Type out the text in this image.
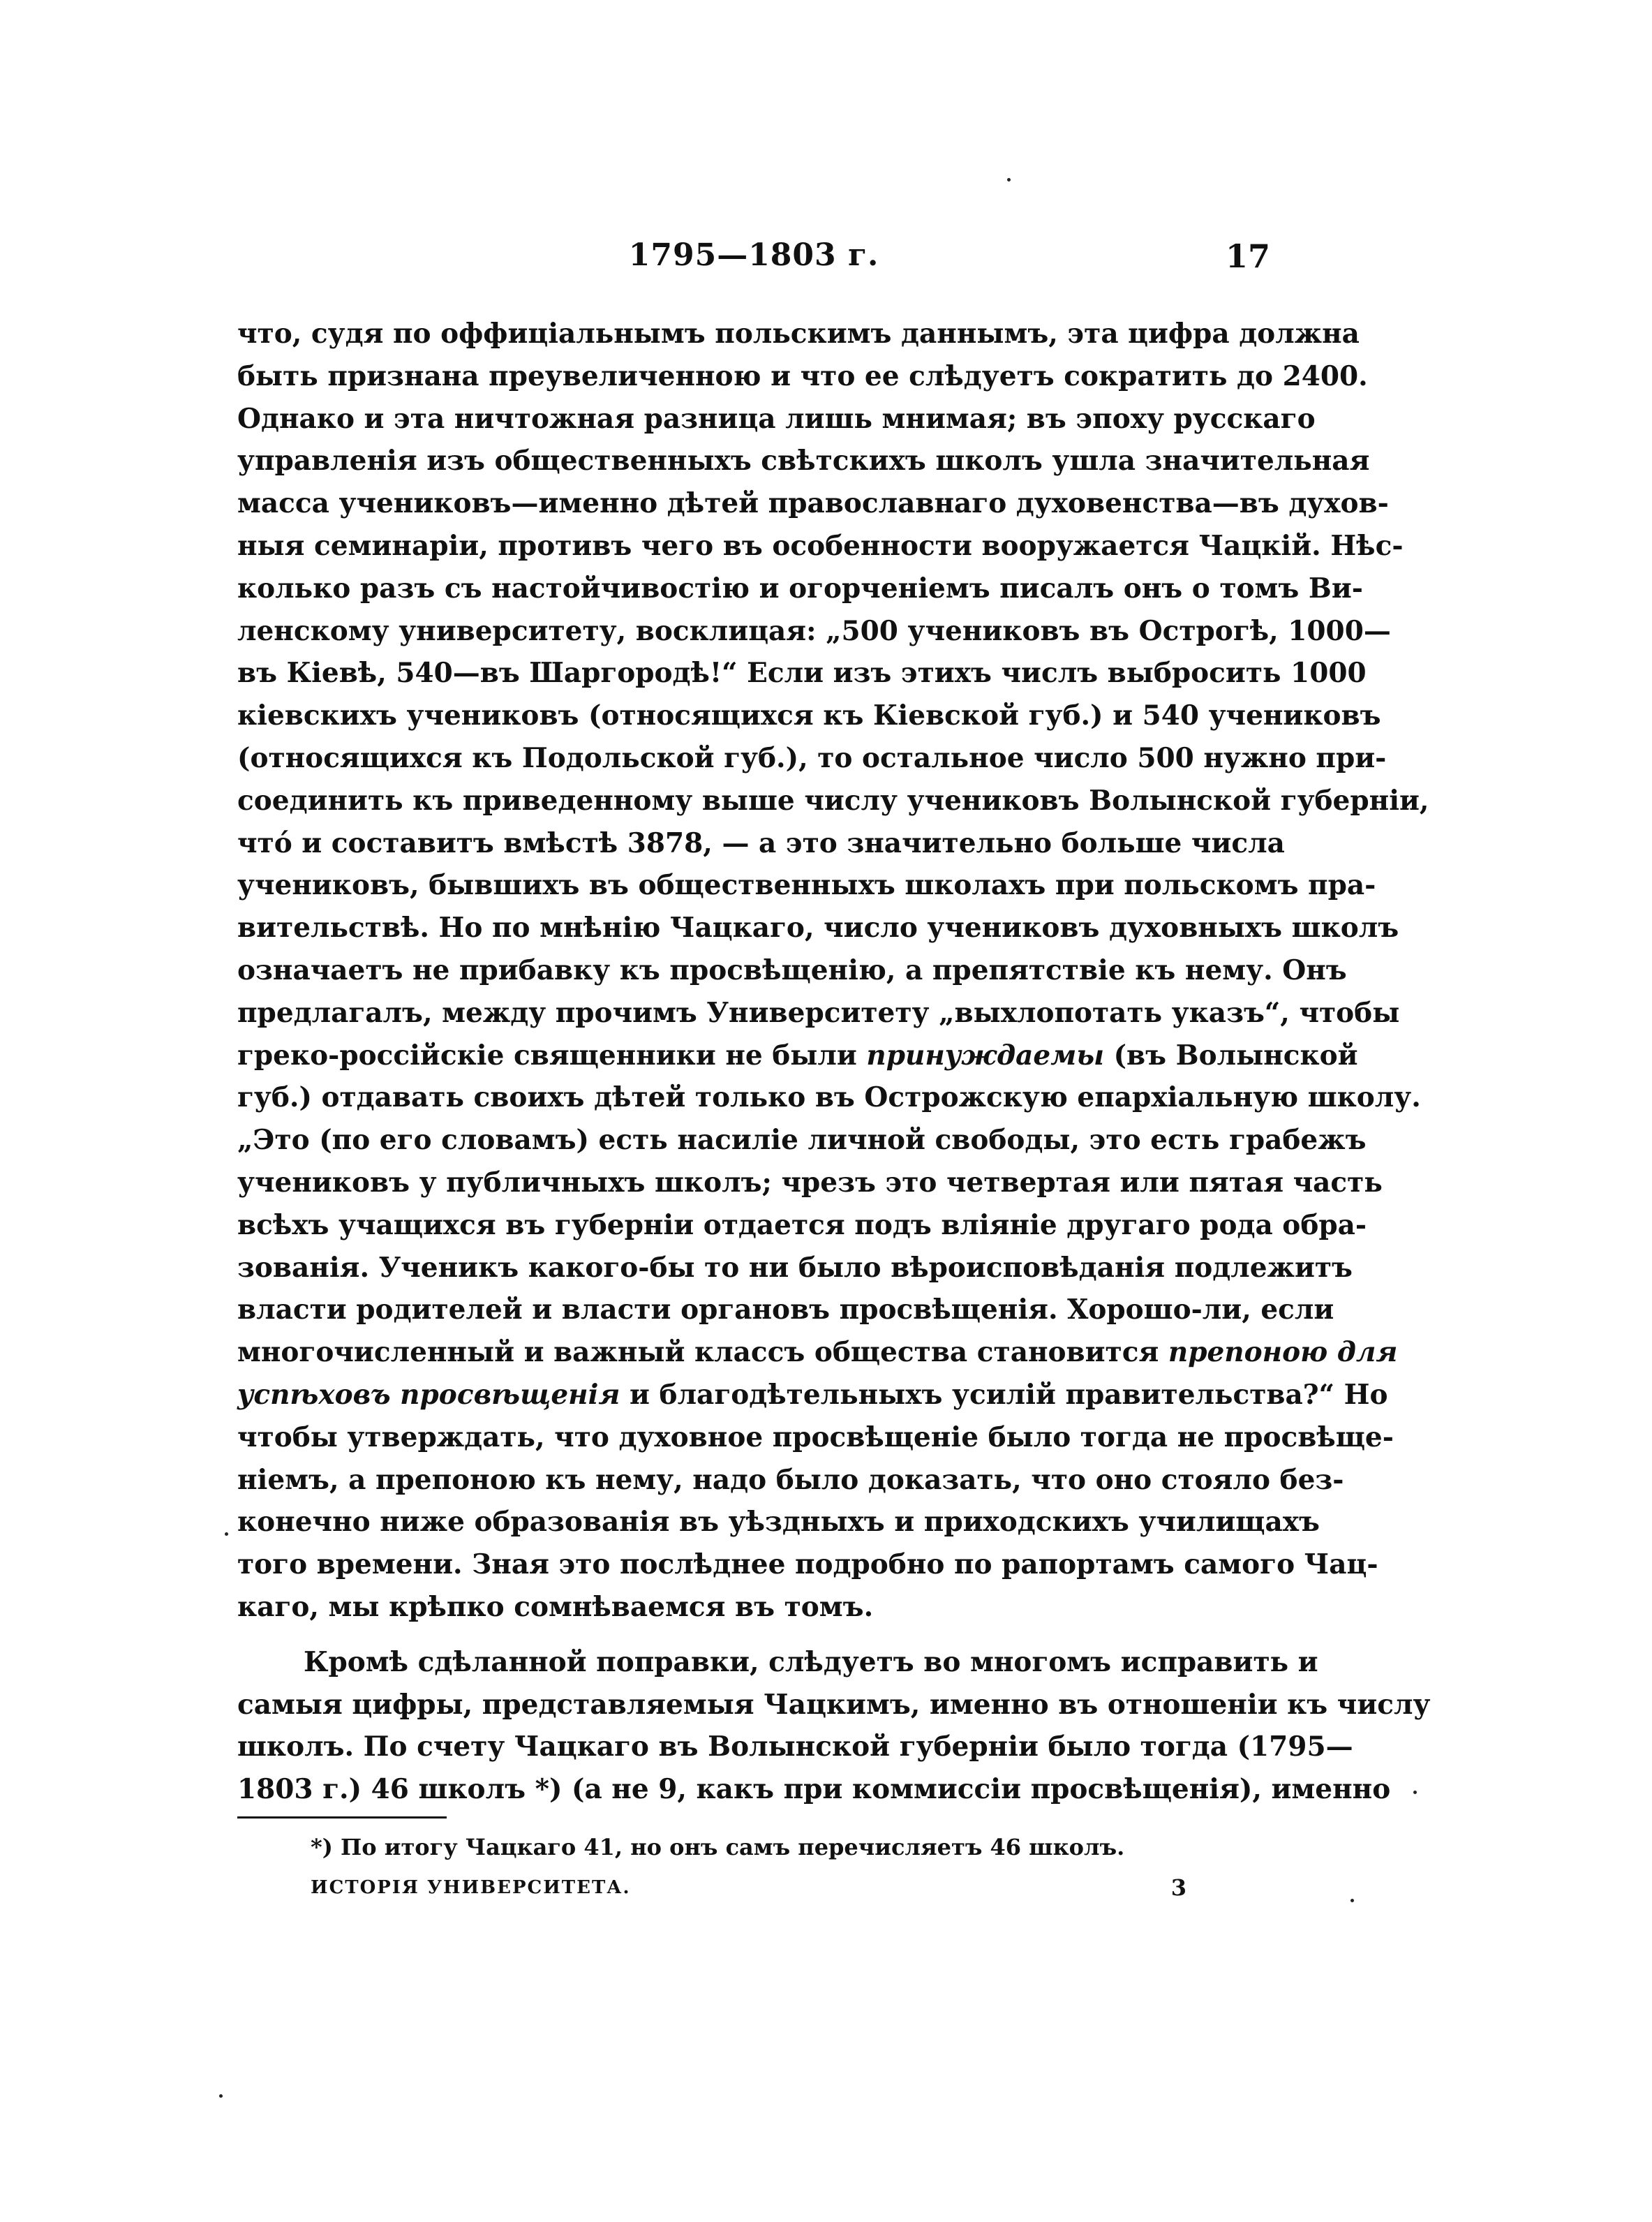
1795—1803 г.	17
что, судя по оффиціальнымъ польскимъ даннымъ, эта цифра должна
быть признана преувеличенною и что ее слѣдуетъ сократить до 2400.
Однако и эта ничтожная разница лишь мнимая; въ эпоху русскаго
управленія изъ общественныхъ свѣтскихъ школъ ушла значительная
масса учениковъ—именно дѣтей православнаго духовенства—въ духов-
ныя семинаріи, противъ чего въ особенности вооружается Чацкій. Нѣс-
колько разъ съ настойчивостію и огорченіемъ писалъ онъ о томъ Ви-
ленскому университету, восклицая: „500 учениковъ въ Острогѣ, 1000—
въ Кіевѣ, 540—въ Шаргородѣ!“ Если изъ этихъ числъ выбросить 1000
кіевскихъ учениковъ (относящихся къ Кіевской губ.) и 540 учениковъ
(относящихся къ Подольской губ.), то остальное число 500 нужно при-
соединить къ приведенному выше числу учениковъ Волынской губерніи,
что́ и составитъ вмѣстѣ 3878, — а это значительно больше числа
учениковъ, бывшихъ въ общественныхъ школахъ при польскомъ пра-
вительствѣ. Но по мнѣнію Чацкаго, число учениковъ духовныхъ школъ
означаетъ не прибавку къ просвѣщенію, а препятствіе къ нему. Онъ
предлагалъ, между прочимъ Университету „выхлопотать указъ“, чтобы
греко-россійскіе священники не были принуждаемы (въ Волынской
губ.) отдавать своихъ дѣтей только въ Острожскую епархіальную школу.
„Это (по его словамъ) есть насиліе личной свободы, это есть грабежъ
учениковъ у публичныхъ школъ; чрезъ это четвертая или пятая часть
всѣхъ учащихся въ губерніи отдается подъ вліяніе другаго рода обра-
зованія. Ученикъ какого-бы то ни было вѣроисповѣданія подлежитъ
власти родителей и власти органовъ просвѣщенія. Хорошо-ли, если
многочисленный и важный классъ общества становится препоною для
успѣховъ просвѣщенія и благодѣтельныхъ усилій правительства?“ Но
чтобы утверждать, что духовное просвѣщеніе было тогда не просвѣще-
ніемъ, а препоною къ нему, надо было доказать, что оно стояло без-
конечно ниже образованія въ уѣздныхъ и приходскихъ училищахъ
того времени. Зная это послѣднее подробно по рапортамъ самого Чац-
каго, мы крѣпко сомнѣваемся въ томъ.
Кромѣ сдѣланной поправки, слѣдуетъ во многомъ исправить и
самыя цифры, представляемыя Чацкимъ, именно въ отношеніи къ числу
школъ. По счету Чацкаго въ Волынской губерніи было тогда (1795—
1803 г.) 46 школъ *) (а не 9, какъ при коммиссіи просвѣщенія), именно
*) По итогу Чацкаго 41, но онъ самъ перечисляетъ 46 школъ.
ИСТОРІЯ УНИВЕРСИТЕТА.	3
